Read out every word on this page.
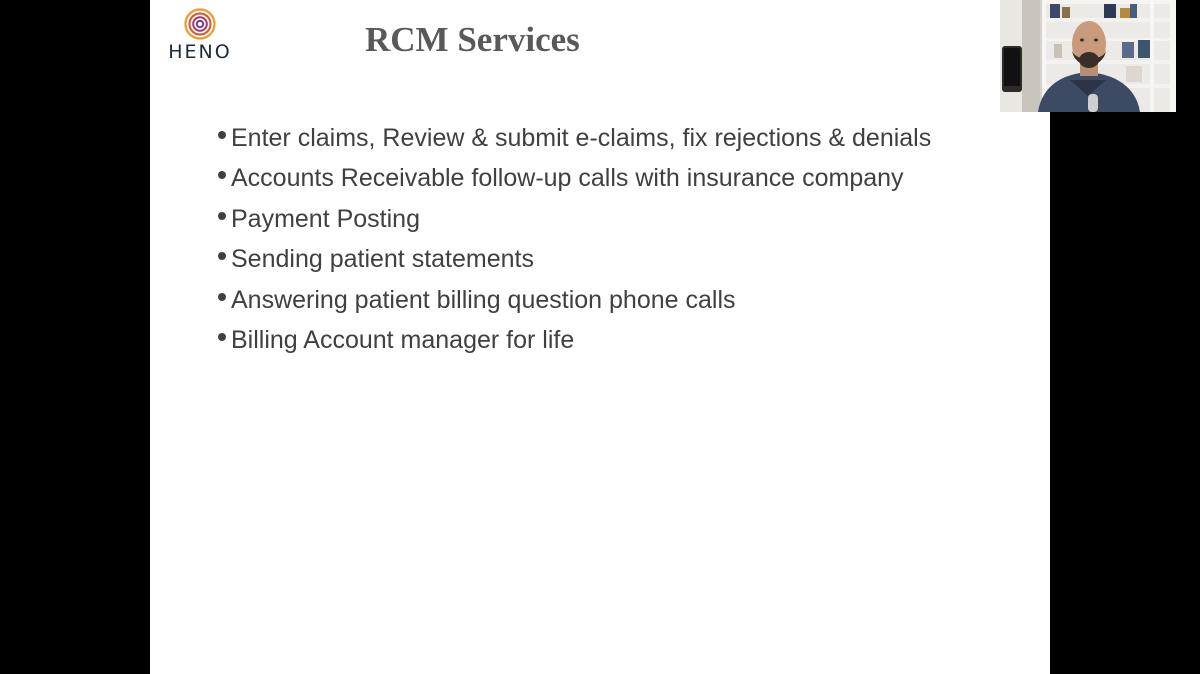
HENO	RCM Services
Enter claims, Review & submit e-claims, fix rejections & denials
Accounts Receivable follow-up calls with insurance company
Payment Posting
Sending patient statements
Answering patient billing question phone calls
Billing Account manager for life
